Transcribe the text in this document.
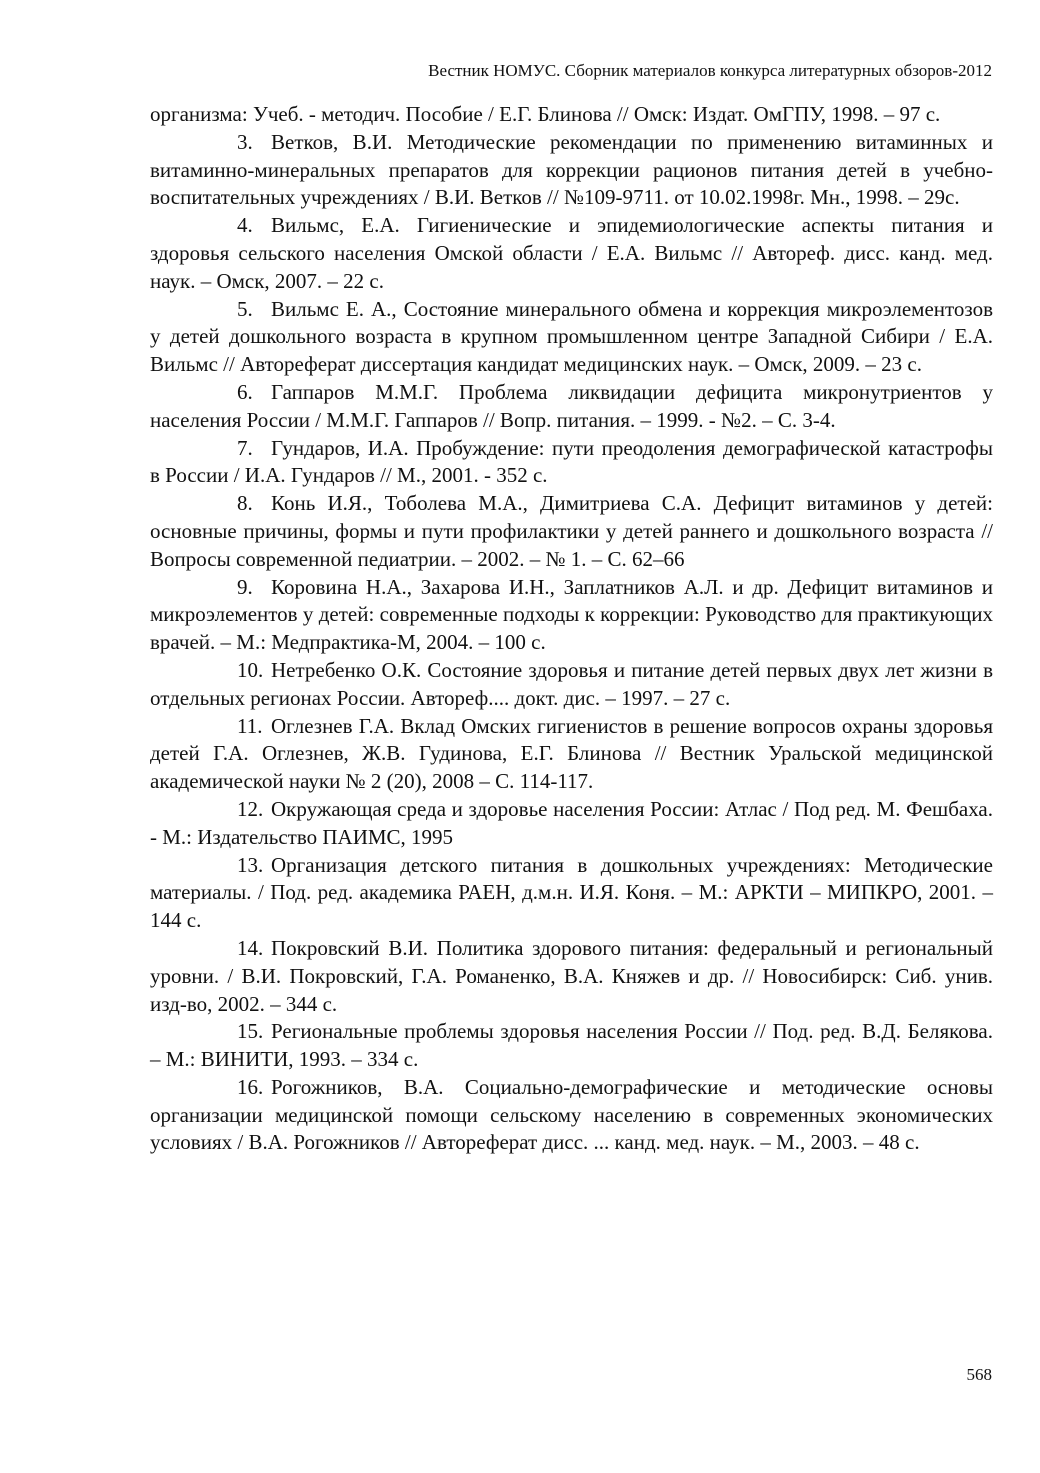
Вестник НОМУС. Сборник материалов конкурса литературных обзоров-2012

организма: Учеб. - методич. Пособие / Е.Г. Блинова // Омск: Издат. ОмГПУ, 1998. – 97 с.

3. Ветков, В.И. Методические рекомендации по применению витаминных и витаминно-минеральных препаратов для коррекции рационов питания детей в учебно-воспитательных учреждениях / В.И. Ветков // №109-9711. от 10.02.1998г. Мн., 1998. – 29с.

4. Вильмс, Е.А. Гигиенические и эпидемиологические аспекты питания и здоровья сельского населения Омской области / Е.А. Вильмс // Автореф. дисс. канд. мед. наук. – Омск, 2007. – 22 с.

5. Вильмс Е. А., Состояние минерального обмена и коррекция микроэлементозов у детей дошкольного возраста в крупном промышленном центре Западной Сибири / Е.А. Вильмс // Автореферат диссертация кандидат медицинских наук. – Омск, 2009. – 23 с.

6. Гаппаров М.М.Г. Проблема ликвидации дефицита микронутриентов у населения России / М.М.Г. Гаппаров // Вопр. питания. – 1999. - №2. – С. 3-4.

7. Гундаров, И.А. Пробуждение: пути преодоления демографической катастрофы в России / И.А. Гундаров // М., 2001. - 352 с.

8. Конь И.Я., Toболева М.А., Димитриева С.А. Дефицит витаминов у детей: основные причины, формы и пути профилактики у детей раннего и дошкольного возраста // Вопросы современной педиатрии. – 2002. – № 1. – С. 62–66

9. Коровина Н.А., Захарова И.Н., Заплатников А.Л. и др. Дефицит витаминов и микроэлементов у детей: современные подходы к коррекции: Руководство для практикующих врачей. – М.: Медпрактика-М, 2004. – 100 с.

10. Нетребенко О.К. Состояние здоровья и питание детей первых двух лет жизни в отдельных регионах России. Автореф.... докт. дис. – 1997. – 27 с.

11. Оглезнев Г.А. Вклад Омских гигиенистов в решение вопросов охраны здоровья детей Г.А. Оглезнев, Ж.В. Гудинова, Е.Г. Блинова // Вестник Уральской медицинской академической науки № 2 (20), 2008 – С. 114-117.

12. Окружающая среда и здоровье населения России: Атлас / Под ред. М. Фешбаха. - М.: Издательство ПАИМС, 1995

13. Организация детского питания в дошкольных учреждениях: Методические материалы. / Под. ред. академика РАЕН, д.м.н. И.Я. Коня. – М.: АРКТИ – МИПКРО, 2001. – 144 с.

14. Покровский В.И. Политика здорового питания: федеральный и региональный уровни. / В.И. Покровский, Г.А. Романенко, В.А. Княжев и др. // Новосибирск: Сиб. унив. изд-во, 2002. – 344 с.

15. Региональные проблемы здоровья населения России // Под. ред. В.Д. Белякова. – М.: ВИНИТИ, 1993. – 334 с.

16. Рогожников, В.А. Социально-демографические и методические основы организации медицинской помощи сельскому населению в современных экономических условиях / В.А. Рогожников // Автореферат дисс. ... канд. мед. наук. – М., 2003. – 48 с.

568
